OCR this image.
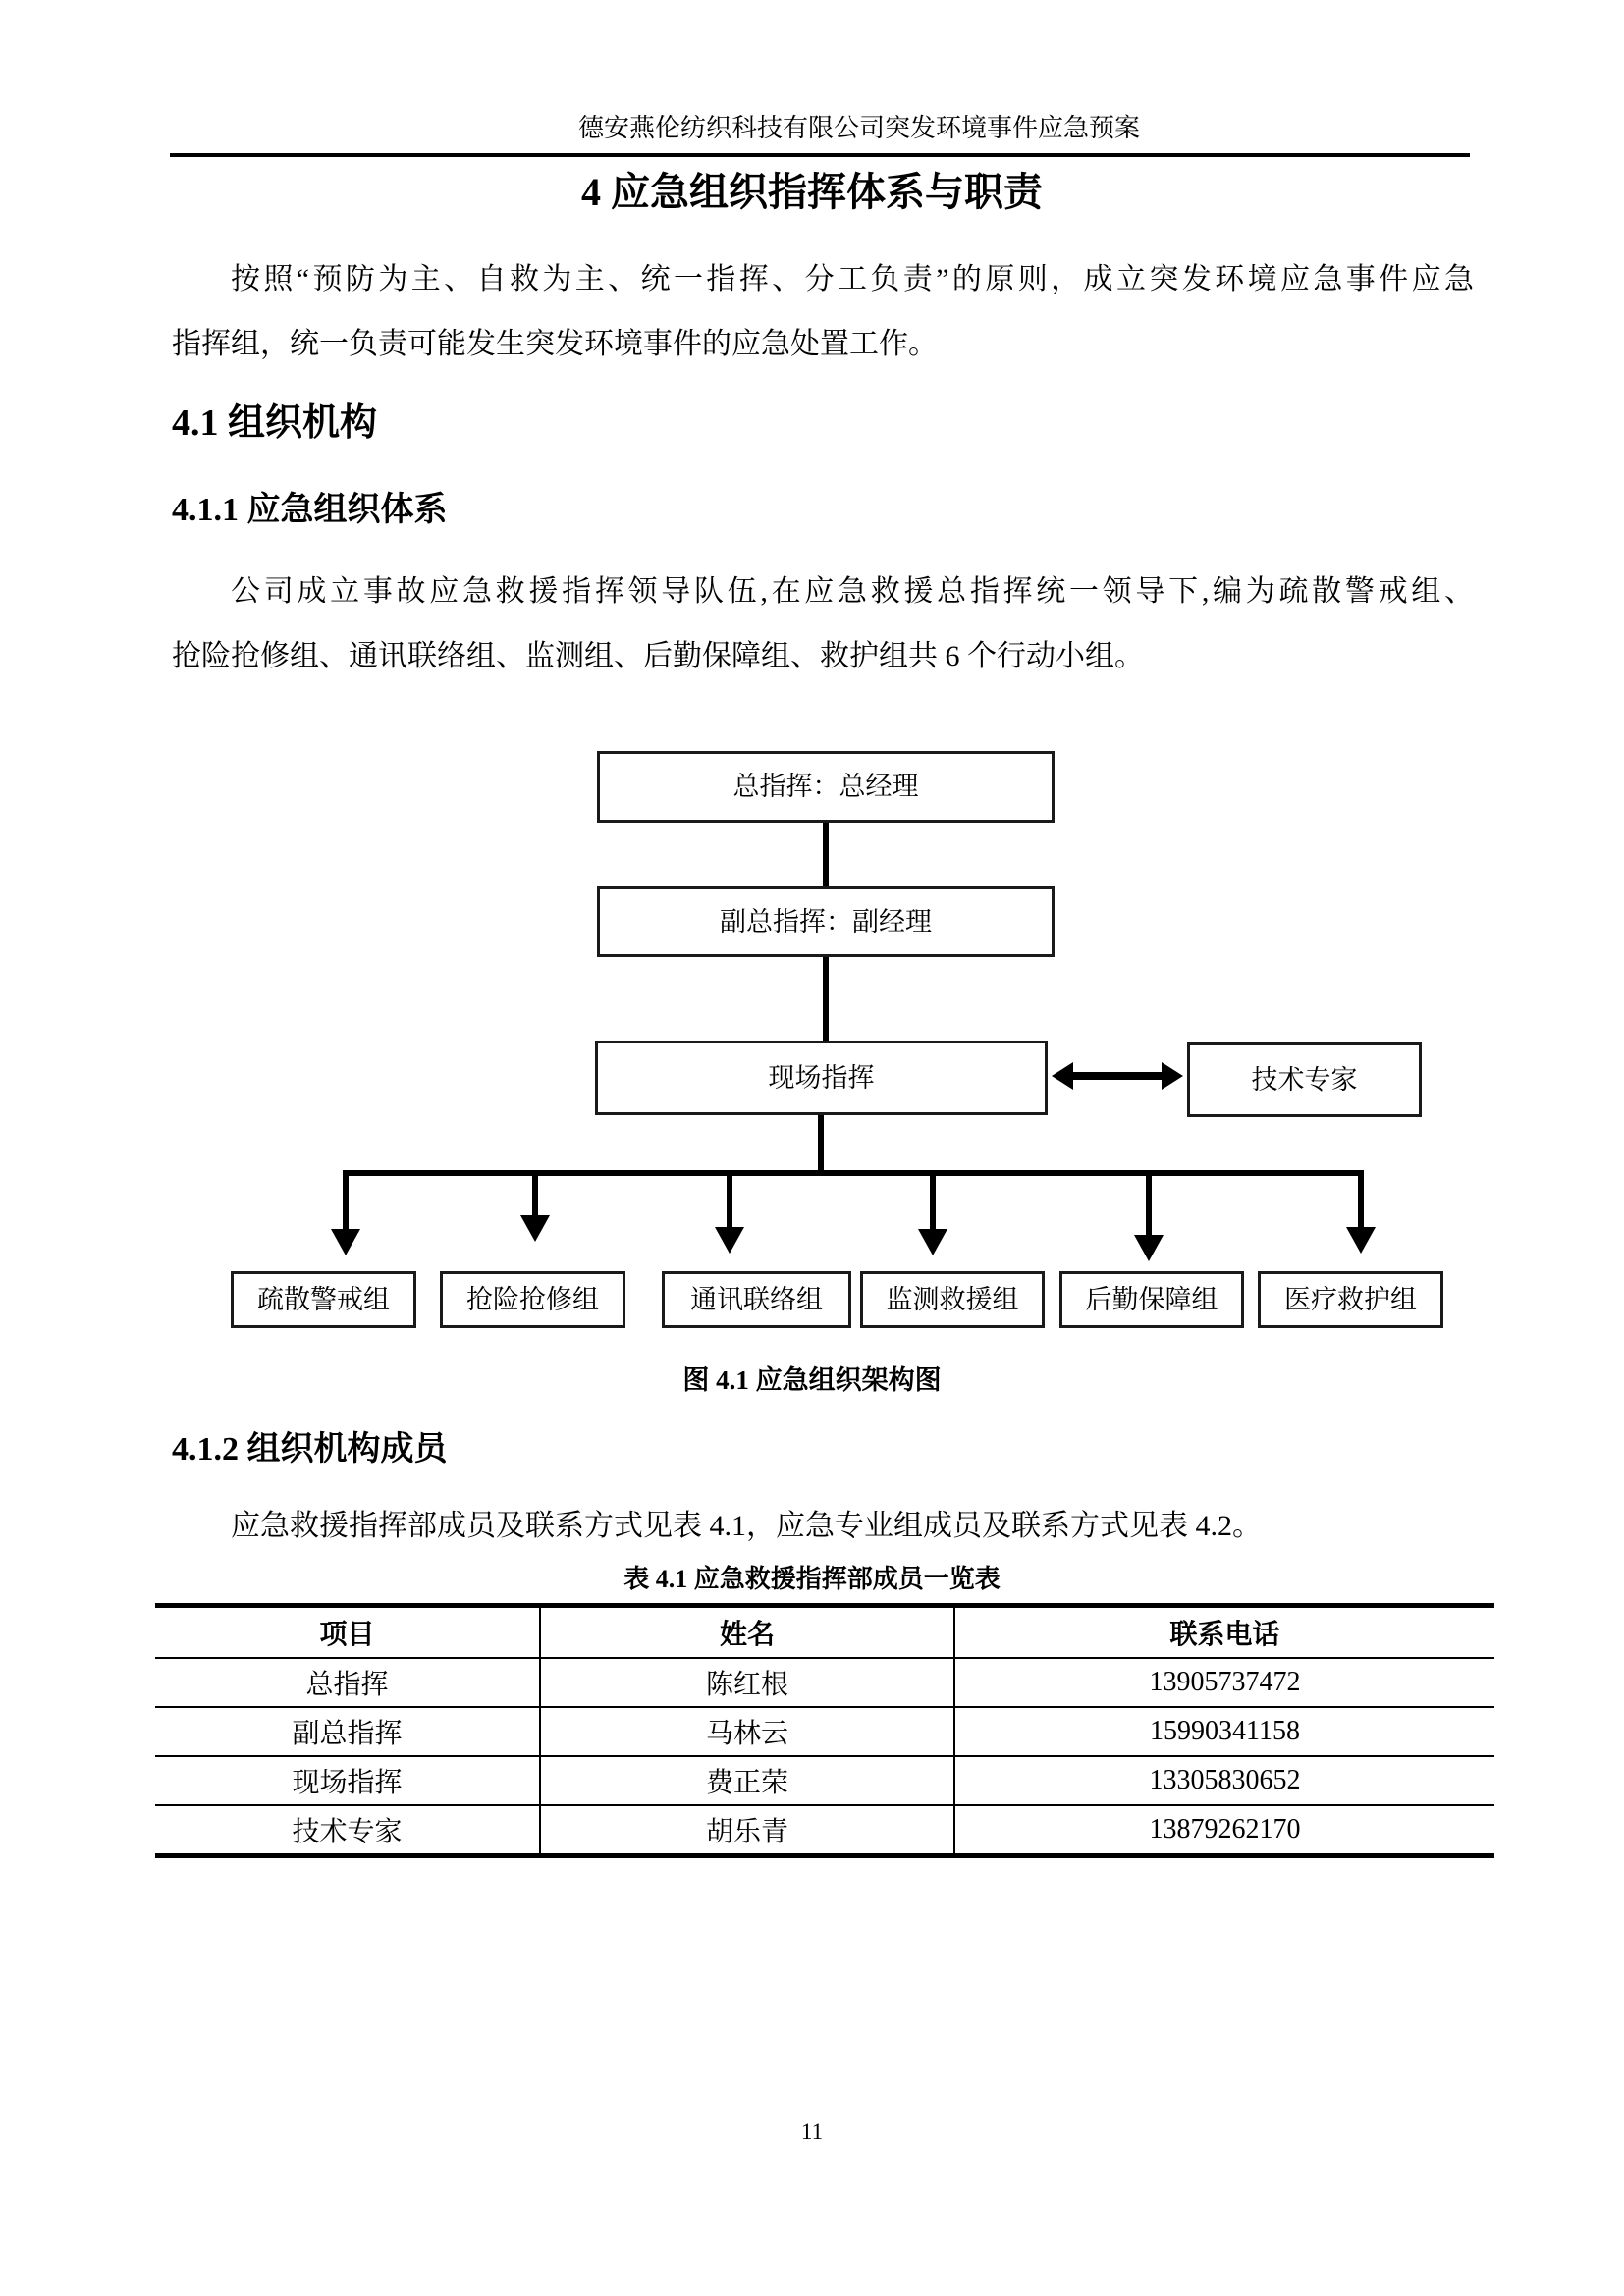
德安燕伦纺织科技有限公司突发环境事件应急预案
4 应急组织指挥体系与职责
按照“预防为主、自救为主、统一指挥、分工负责”的原则，成立突发环境应急事件应急
指挥组，统一负责可能发生突发环境事件的应急处置工作。
4.1 组织机构
4.1.1 应急组织体系
公司成立事故应急救援指挥领导队伍,在应急救援总指挥统一领导下,编为疏散警戒组、
抢险抢修组、通讯联络组、监测组、后勤保障组、救护组共 6 个行动小组。
总指挥：总经理
副总指挥：副经理
现场指挥	技术专家
疏散警戒组	抢险抢修组	通讯联络组	监测救援组	后勤保障组	医疗救护组
图 4.1 应急组织架构图
4.1.2 组织机构成员
应急救援指挥部成员及联系方式见表 4.1，应急专业组成员及联系方式见表 4.2。
表 4.1 应急救援指挥部成员一览表
项目	姓名	联系电话
总指挥	陈红根	13905737472
副总指挥	马林云	15990341158
现场指挥	费正荣	13305830652
技术专家	胡乐青	13879262170
11
